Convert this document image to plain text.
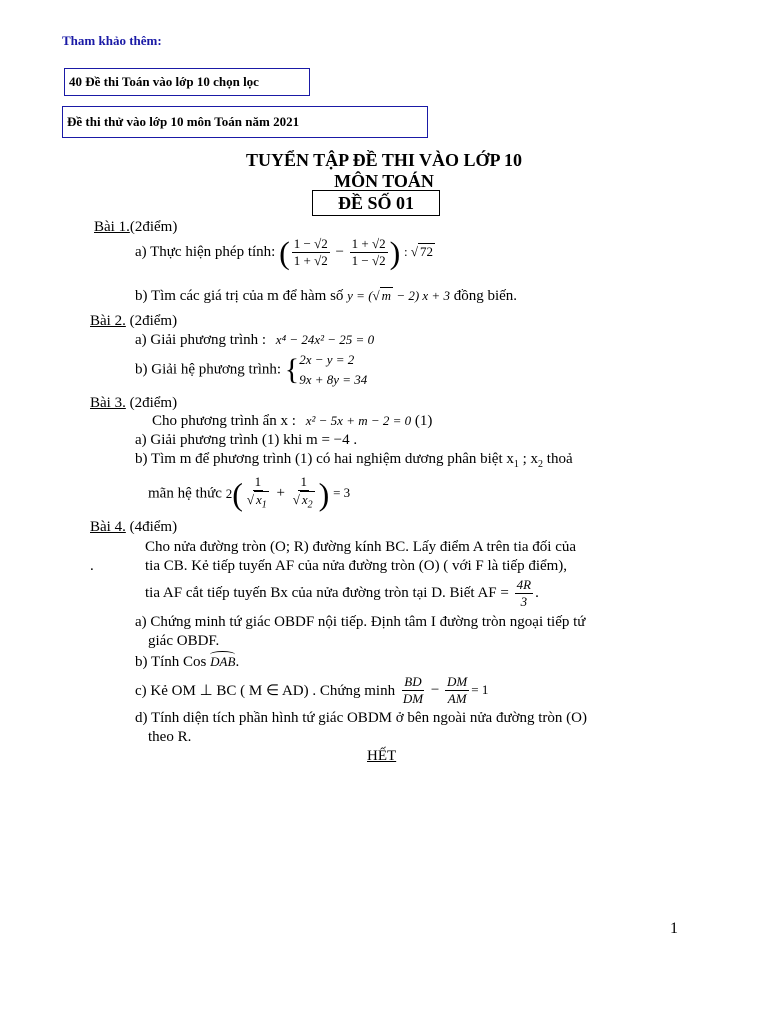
Tham khảo thêm:
40 Đề thi Toán vào lớp 10 chọn lọc
Đề thi thử vào lớp 10 môn Toán năm 2021
TUYỂN TẬP ĐỀ THI VÀO LỚP 10
MÔN TOÁN
ĐỀ SỐ 01
Bài 1.(2điểm)
a) Thực hiện phép tính: ( $\frac{1 - √2}{1 + √2} - \frac{1 + √2}{1 - √2}$ ) : √ 72
b) Tìm các giá trị của m để hàm số y = (√ m − 2) x + 3 đồng biến.
Bài 2. (2điểm)
a) Giải phương trình : x⁴ − 24x² − 25 = 0
b) Giải hệ phương trình: {2x − y = 2
9x + 8y = 34
Bài 3. (2điểm)
Cho phương trình ẩn x : x² − 5x + m − 2 = 0 (1)
a) Giải phương trình (1) khi m = −4 .
b) Tìm m để phương trình (1) có hai nghiệm dương phân biệt $x_1$ ; $x_2$ thoả
mãn hệ thức $2( \frac{1}{√ x_1} + \frac{1}{√ x_2}$ ) = 3
Bài 4. (4điểm)
Cho nửa đường tròn (O; R) đường kính BC. Lấy điểm A trên tia đối của
.	tia CB. Kẻ tiếp tuyến AF của nửa đường tròn (O) ( với F là tiếp điểm),
tia AF cắt tiếp tuyến Bx của nửa đường tròn tại D. Biết AF = $\frac{4R}{3}$ .
a) Chứng minh tứ giác OBDF nội tiếp. Định tâm I đường tròn ngoại tiếp tứ
giác OBDF.
b) Tính Cos DAB.
c) Kẻ OM ⊥ BC ( M ∈ AD) . Chứng minh $\frac{BD}{DM} - \frac{DM}{AM} = 1$
d) Tính diện tích phần hình tứ giác OBDM ở bên ngoài nửa đường tròn (O)
theo R.
HẾT
1
